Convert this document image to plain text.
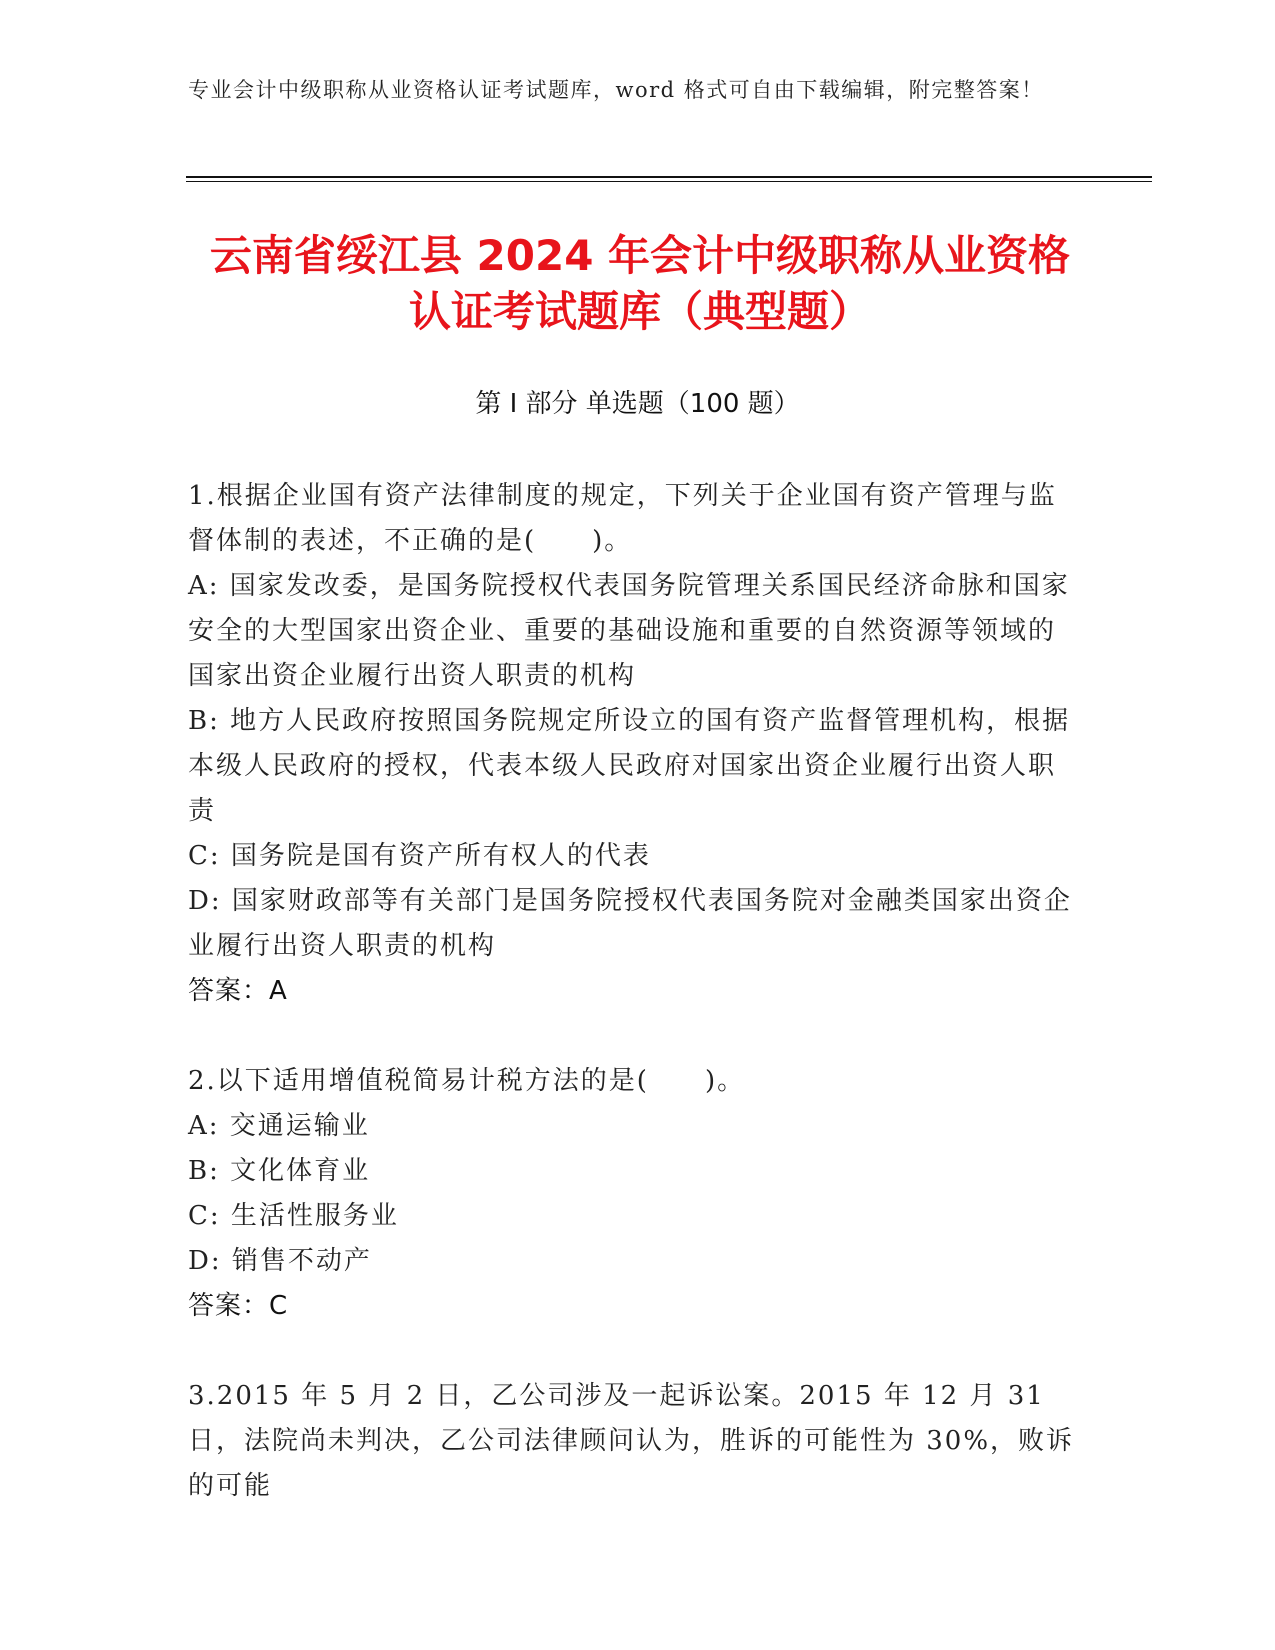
专业会计中级职称从业资格认证考试题库，word 格式可自由下载编辑，附完整答案！
云南省绥江县 2024 年会计中级职称从业资格
认证考试题库（典型题）
第 I 部分 单选题（100 题）

1.根据企业国有资产法律制度的规定，下列关于企业国有资产管理与监督体制的表述，不正确的是(　　)。

A: 国家发改委，是国务院授权代表国务院管理关系国民经济命脉和国家安全的大型国家出资企业、重要的基础设施和重要的自然资源等领域的国家出资企业履行出资人职责的机构

B: 地方人民政府按照国务院规定所设立的国有资产监督管理机构，根据本级人民政府的授权，代表本级人民政府对国家出资企业履行出资人职责

C: 国务院是国有资产所有权人的代表

D: 国家财政部等有关部门是国务院授权代表国务院对金融类国家出资企业履行出资人职责的机构

答案：A

2.以下适用增值税简易计税方法的是(　　)。

A: 交通运输业

B: 文化体育业

C: 生活性服务业

D: 销售不动产

答案：C

3.2015 年 5 月 2 日，乙公司涉及一起诉讼案。2015 年 12 月 31 日，法院尚未判决，乙公司法律顾问认为，胜诉的可能性为 30%，败诉的可能
